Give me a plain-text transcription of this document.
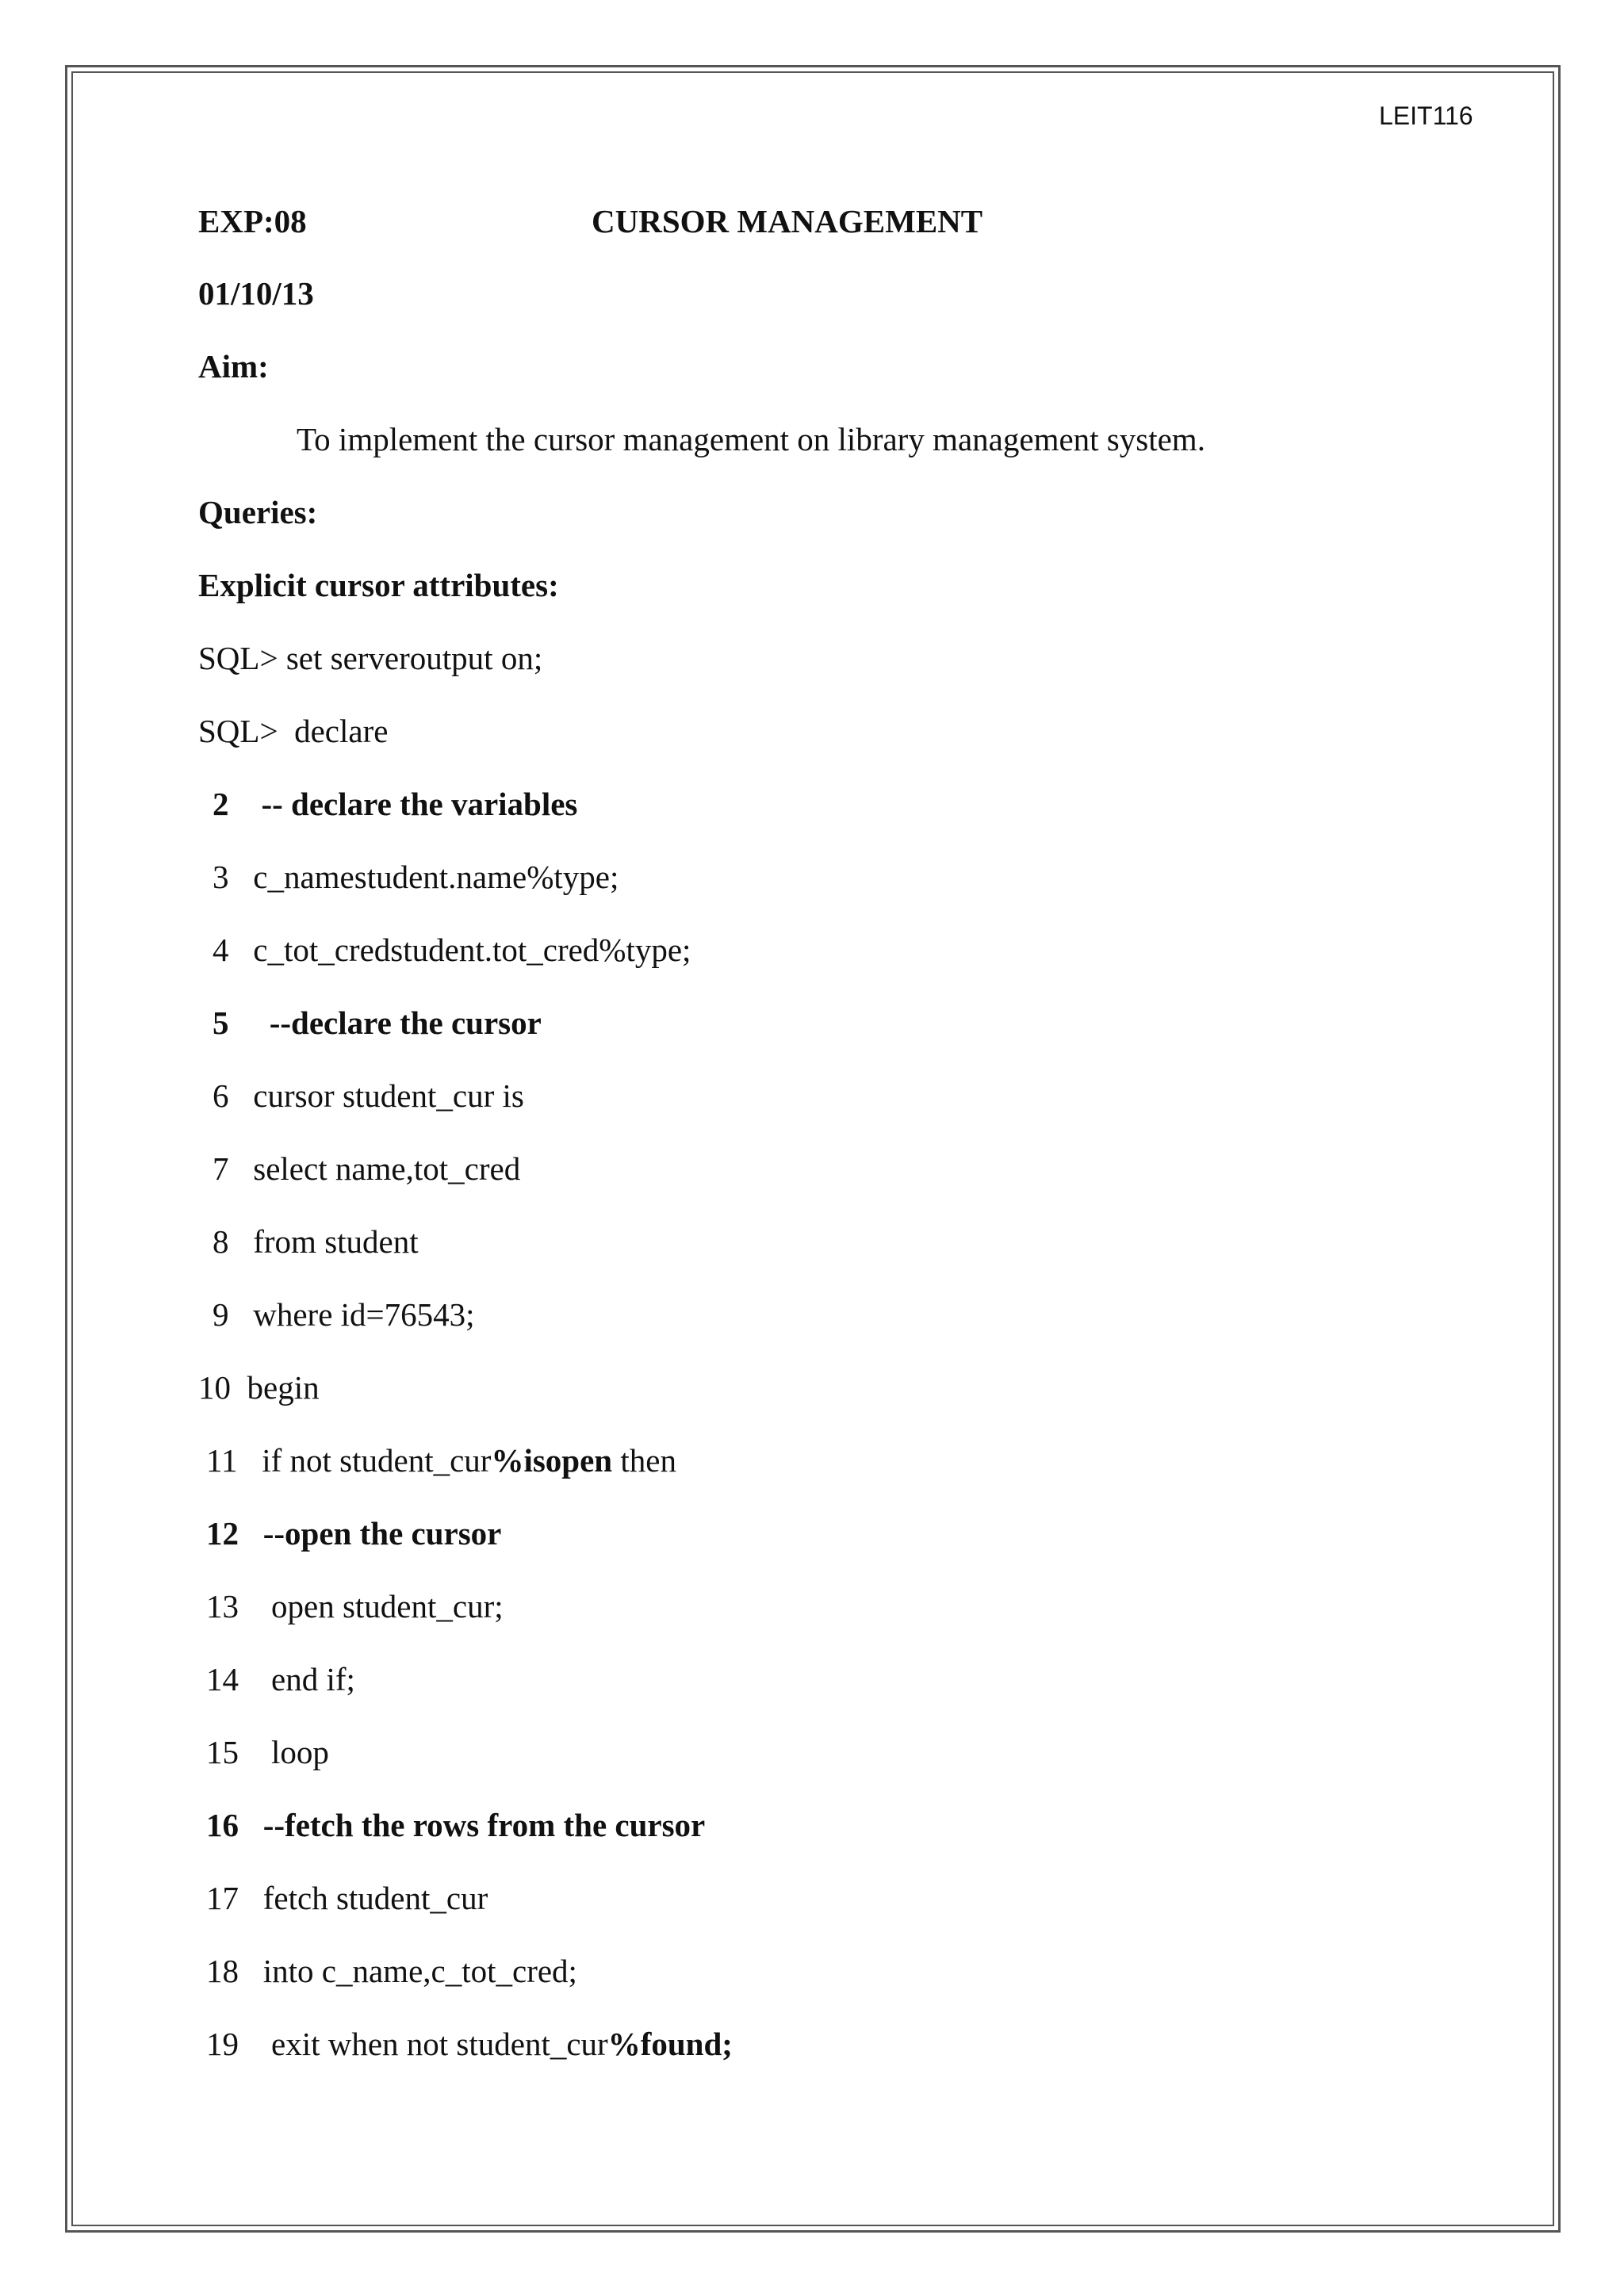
LEIT116
EXP:08	CURSOR MANAGEMENT
01/10/13
Aim:
To implement the cursor management on library management system.
Queries:
Explicit cursor attributes:
SQL> set serveroutput on;
SQL>  declare
2    -- declare the variables
3   c_namestudent.name%type;
4   c_tot_credstudent.tot_cred%type;
5     --declare the cursor
6   cursor student_cur is
7   select name,tot_cred
8   from student
9   where id=76543;
10  begin
11   if not student_cur%isopen then
12   --open the cursor
13    open student_cur;
14    end if;
15    loop
16   --fetch the rows from the cursor
17   fetch student_cur
18   into c_name,c_tot_cred;
19    exit when not student_cur%found;
